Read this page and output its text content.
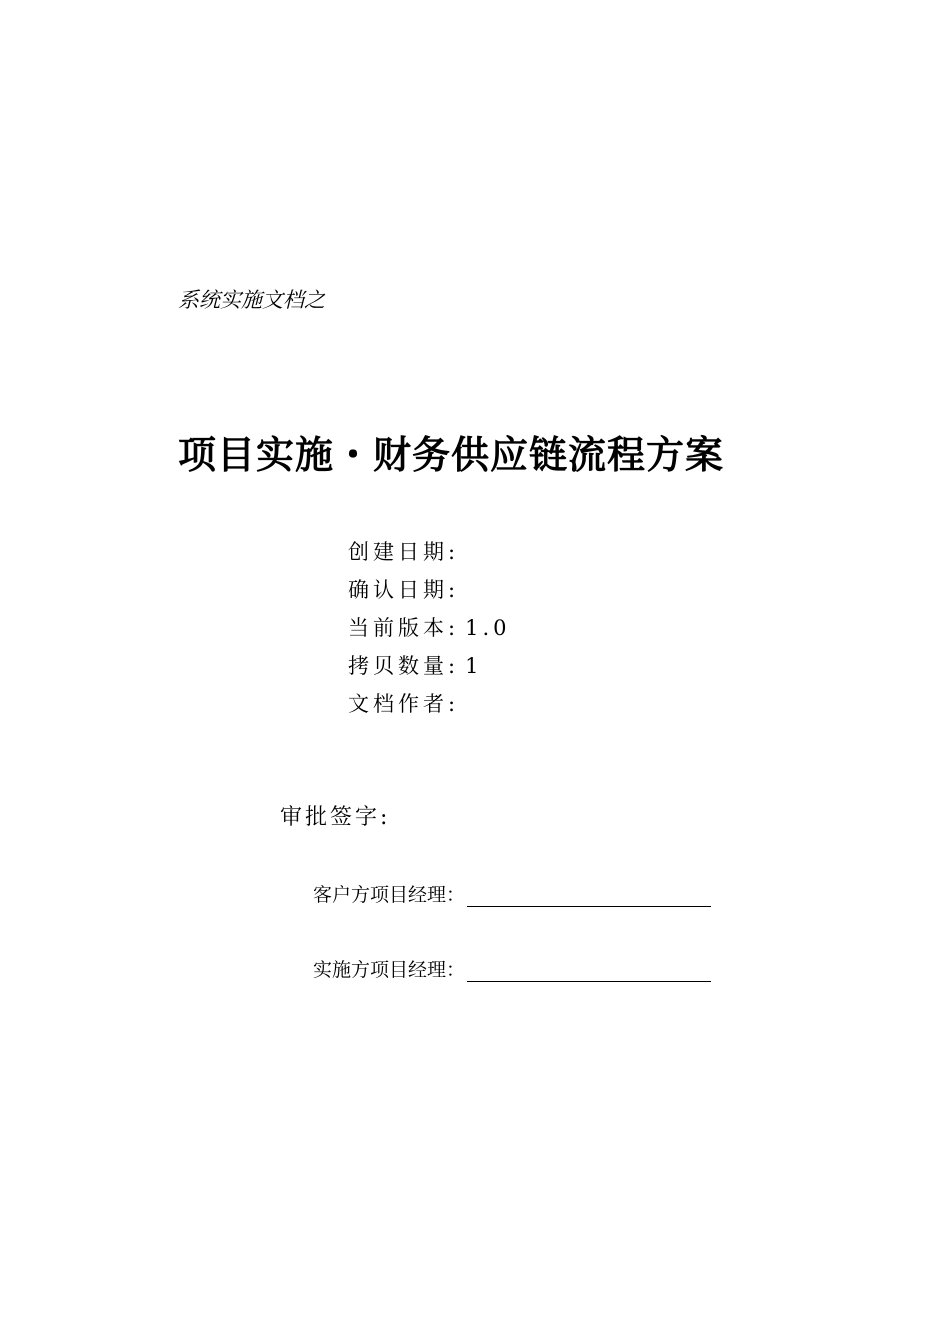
系统实施文档之
项目实施・财务供应链流程方案
创建日期:
确认日期:
当前版本: 1.0
拷贝数量: 1
文档作者:
审批签字:
客户方项目经理：
实施方项目经理：
